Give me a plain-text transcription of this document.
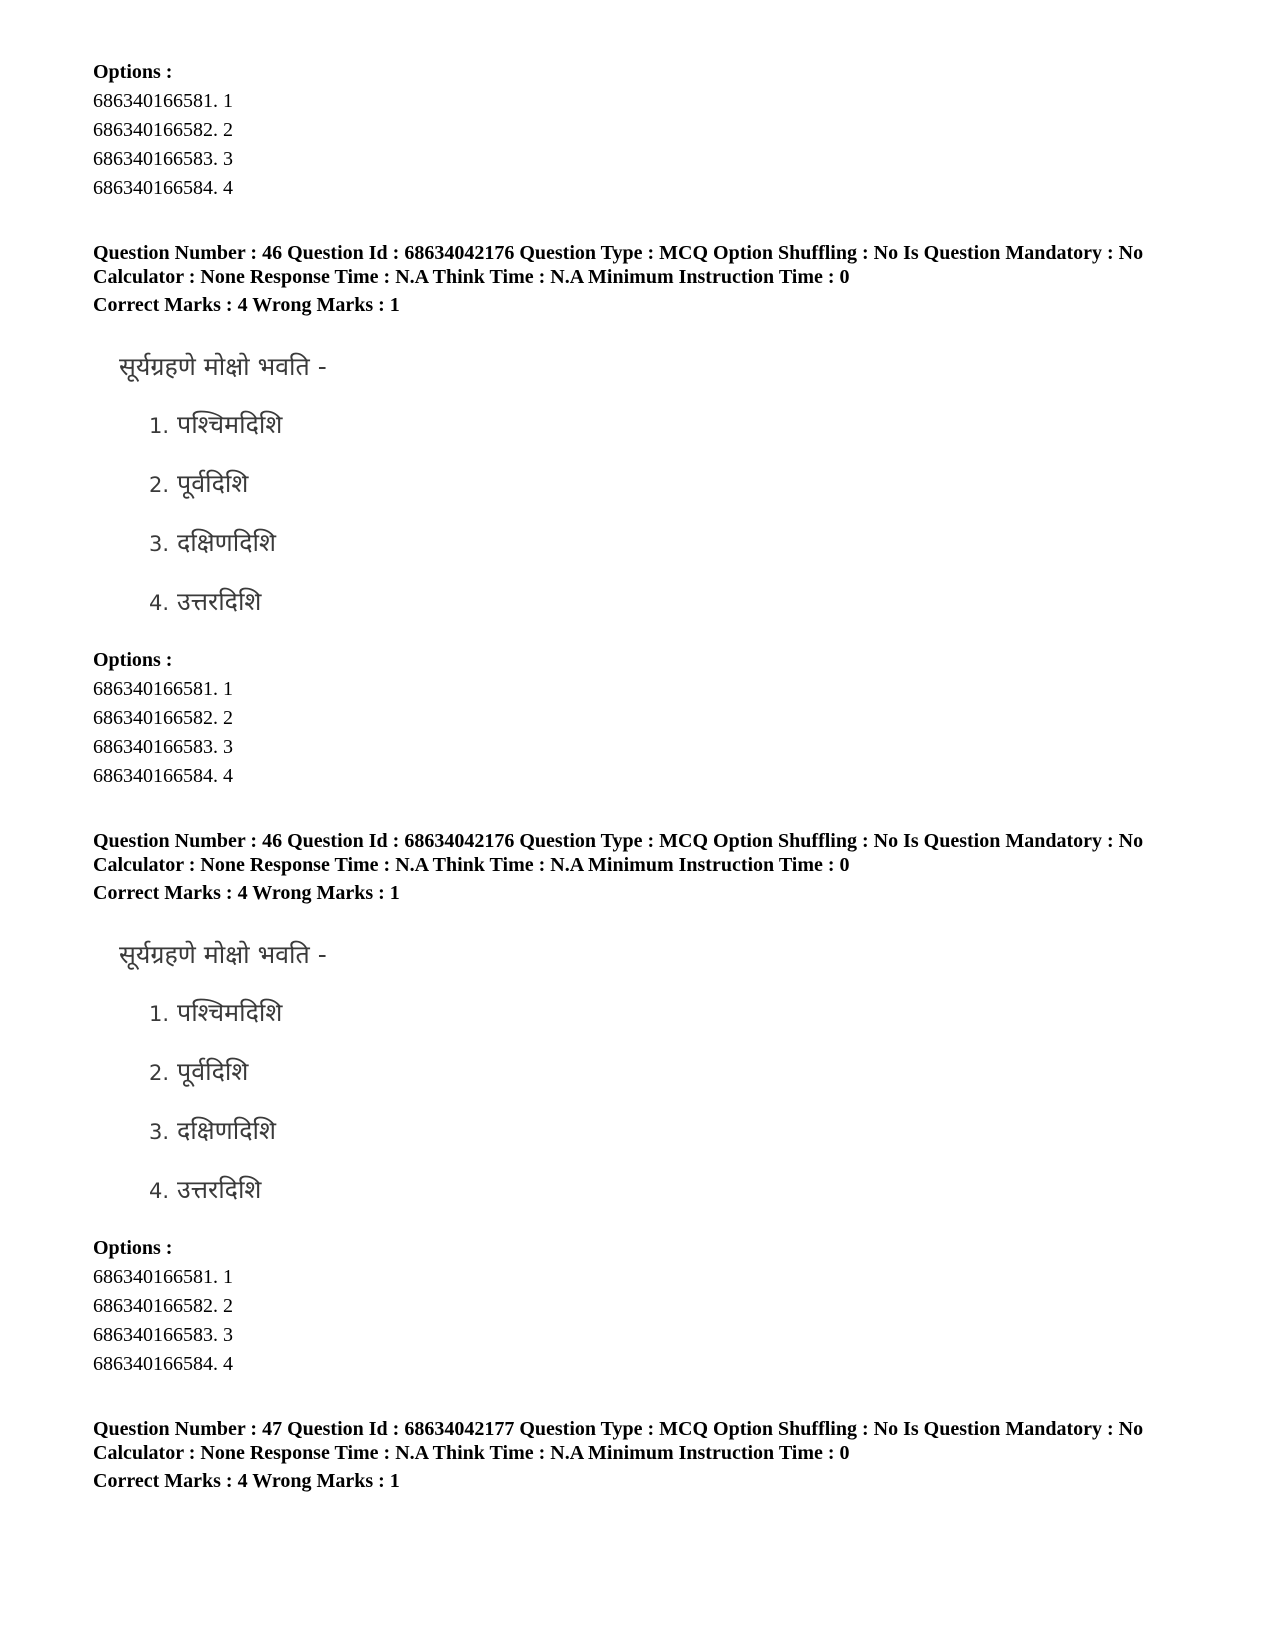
Options :
686340166581. 1
686340166582. 2
686340166583. 3
686340166584. 4
Question Number : 46 Question Id : 68634042176 Question Type : MCQ Option Shuffling : No Is Question Mandatory : No Calculator : None Response Time : N.A Think Time : N.A Minimum Instruction Time : 0
Correct Marks : 4 Wrong Marks : 1
सूर्यग्रहणे मोक्षो भवति -
1. पश्चिमदिशि
2. पूर्वदिशि
3. दक्षिणदिशि
4. उत्तरदिशि
Options :
686340166581. 1
686340166582. 2
686340166583. 3
686340166584. 4
Question Number : 46 Question Id : 68634042176 Question Type : MCQ Option Shuffling : No Is Question Mandatory : No Calculator : None Response Time : N.A Think Time : N.A Minimum Instruction Time : 0
Correct Marks : 4 Wrong Marks : 1
सूर्यग्रहणे मोक्षो भवति -
1. पश्चिमदिशि
2. पूर्वदिशि
3. दक्षिणदिशि
4. उत्तरदिशि
Options :
686340166581. 1
686340166582. 2
686340166583. 3
686340166584. 4
Question Number : 47 Question Id : 68634042177 Question Type : MCQ Option Shuffling : No Is Question Mandatory : No Calculator : None Response Time : N.A Think Time : N.A Minimum Instruction Time : 0
Correct Marks : 4 Wrong Marks : 1
